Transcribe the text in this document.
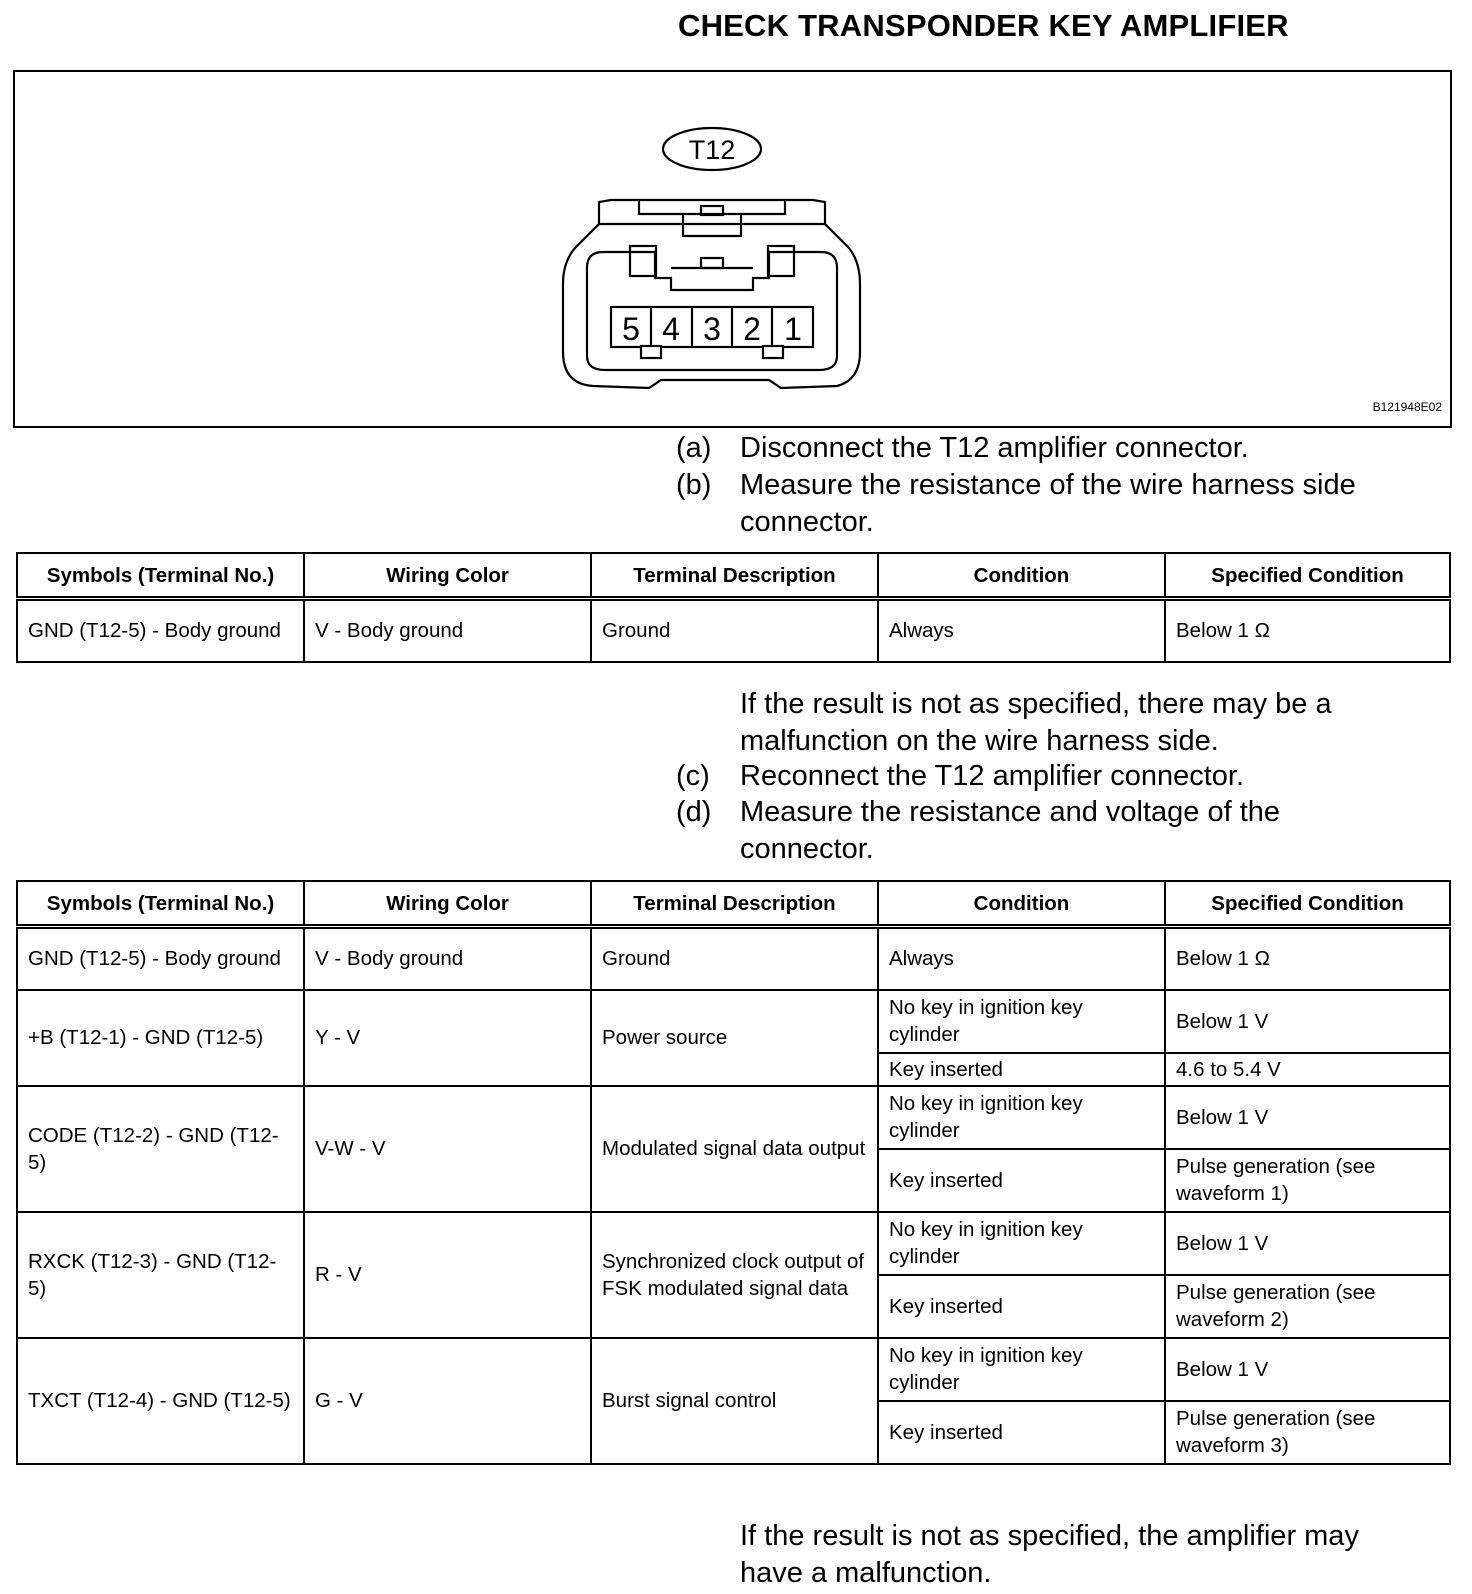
CHECK TRANSPONDER KEY AMPLIFIER
T12
5 4 3 2 1
B121948E02
(a) Disconnect the T12 amplifier connector.
(b) Measure the resistance of the wire harness side connector.
Symbols (Terminal No.)	Wiring Color	Terminal Description	Condition	Specified Condition
GND (T12-5) - Body ground	V - Body ground	Ground	Always	Below 1 Ω
If the result is not as specified, there may be a malfunction on the wire harness side.
(c) Reconnect the T12 amplifier connector.
(d) Measure the resistance and voltage of the connector.
Symbols (Terminal No.)	Wiring Color	Terminal Description	Condition	Specified Condition
GND (T12-5) - Body ground	V - Body ground	Ground	Always	Below 1 Ω
+B (T12-1) - GND (T12-5)	Y - V	Power source	No key in ignition key cylinder	Below 1 V
			Key inserted	4.6 to 5.4 V
CODE (T12-2) - GND (T12-5)	V-W - V	Modulated signal data output	No key in ignition key cylinder	Below 1 V
			Key inserted	Pulse generation (see waveform 1)
RXCK (T12-3) - GND (T12-5)	R - V	Synchronized clock output of FSK modulated signal data	No key in ignition key cylinder	Below 1 V
			Key inserted	Pulse generation (see waveform 2)
TXCT (T12-4) - GND (T12-5)	G - V	Burst signal control	No key in ignition key cylinder	Below 1 V
			Key inserted	Pulse generation (see waveform 3)
If the result is not as specified, the amplifier may have a malfunction.
